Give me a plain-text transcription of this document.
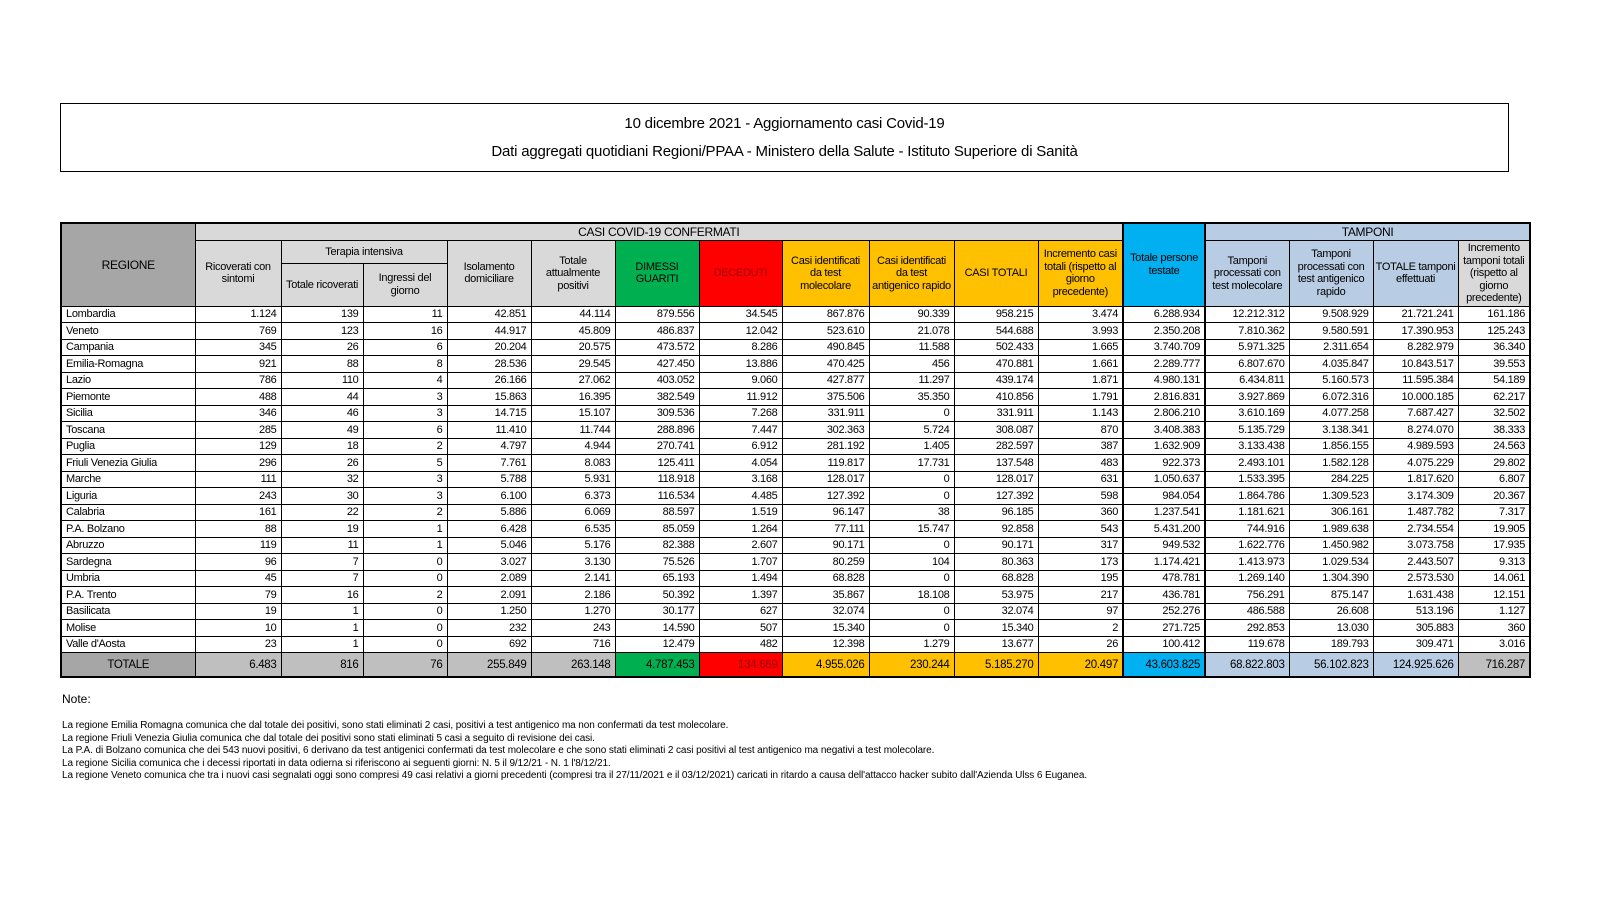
10 dicembre 2021 - Aggiornamento casi Covid-19
Dati aggregati quotidiani Regioni/PPAA - Ministero della Salute - Istituto Superiore di Sanità
REGIONE	CASI COVID-19 CONFERMATI											Totale persone testate	TAMPONI			
	Ricoverati con sintomi	Terapia intensiva		Isolamento domiciliare	Totale attualmente positivi	DIMESSI GUARITI	DECEDUTI	Casi identificati da test molecolare	Casi identificati da test antigenico rapido	CASI TOTALI	Incremento casi totali (rispetto al giorno precedente)		Tamponi processati con test molecolare	Tamponi processati con test antigenico rapido	TOTALE tamponi effettuati	Incremento tamponi totali (rispetto al giorno precedente)
		Totale ricoverati	Ingressi del giorno													
Lombardia	1.124	139	11	42.851	44.114	879.556	34.545	867.876	90.339	958.215	3.474	6.288.934	12.212.312	9.508.929	21.721.241	161.186
Veneto	769	123	16	44.917	45.809	486.837	12.042	523.610	21.078	544.688	3.993	2.350.208	7.810.362	9.580.591	17.390.953	125.243
Campania	345	26	6	20.204	20.575	473.572	8.286	490.845	11.588	502.433	1.665	3.740.709	5.971.325	2.311.654	8.282.979	36.340
Emilia-Romagna	921	88	8	28.536	29.545	427.450	13.886	470.425	456	470.881	1.661	2.289.777	6.807.670	4.035.847	10.843.517	39.553
Lazio	786	110	4	26.166	27.062	403.052	9.060	427.877	11.297	439.174	1.871	4.980.131	6.434.811	5.160.573	11.595.384	54.189
Piemonte	488	44	3	15.863	16.395	382.549	11.912	375.506	35.350	410.856	1.791	2.816.831	3.927.869	6.072.316	10.000.185	62.217
Sicilia	346	46	3	14.715	15.107	309.536	7.268	331.911	0	331.911	1.143	2.806.210	3.610.169	4.077.258	7.687.427	32.502
Toscana	285	49	6	11.410	11.744	288.896	7.447	302.363	5.724	308.087	870	3.408.383	5.135.729	3.138.341	8.274.070	38.333
Puglia	129	18	2	4.797	4.944	270.741	6.912	281.192	1.405	282.597	387	1.632.909	3.133.438	1.856.155	4.989.593	24.563
Friuli Venezia Giulia	296	26	5	7.761	8.083	125.411	4.054	119.817	17.731	137.548	483	922.373	2.493.101	1.582.128	4.075.229	29.802
Marche	111	32	3	5.788	5.931	118.918	3.168	128.017	0	128.017	631	1.050.637	1.533.395	284.225	1.817.620	6.807
Liguria	243	30	3	6.100	6.373	116.534	4.485	127.392	0	127.392	598	984.054	1.864.786	1.309.523	3.174.309	20.367
Calabria	161	22	2	5.886	6.069	88.597	1.519	96.147	38	96.185	360	1.237.541	1.181.621	306.161	1.487.782	7.317
P.A. Bolzano	88	19	1	6.428	6.535	85.059	1.264	77.111	15.747	92.858	543	5.431.200	744.916	1.989.638	2.734.554	19.905
Abruzzo	119	11	1	5.046	5.176	82.388	2.607	90.171	0	90.171	317	949.532	1.622.776	1.450.982	3.073.758	17.935
Sardegna	96	7	0	3.027	3.130	75.526	1.707	80.259	104	80.363	173	1.174.421	1.413.973	1.029.534	2.443.507	9.313
Umbria	45	7	0	2.089	2.141	65.193	1.494	68.828	0	68.828	195	478.781	1.269.140	1.304.390	2.573.530	14.061
P.A. Trento	79	16	2	2.091	2.186	50.392	1.397	35.867	18.108	53.975	217	436.781	756.291	875.147	1.631.438	12.151
Basilicata	19	1	0	1.250	1.270	30.177	627	32.074	0	32.074	97	252.276	486.588	26.608	513.196	1.127
Molise	10	1	0	232	243	14.590	507	15.340	0	15.340	2	271.725	292.853	13.030	305.883	360
Valle d'Aosta	23	1	0	692	716	12.479	482	12.398	1.279	13.677	26	100.412	119.678	189.793	309.471	3.016
TOTALE	6.483	816	76	255.849	263.148	4.787.453	134.669	4.955.026	230.244	5.185.270	20.497	43.603.825	68.822.803	56.102.823	124.925.626	716.287
Note:
La regione Emilia Romagna comunica che dal totale dei positivi, sono stati eliminati 2 casi, positivi a test antigenico ma non confermati da test molecolare.
La regione Friuli Venezia Giulia comunica che dal totale dei positivi sono stati eliminati 5 casi a seguito di revisione dei casi.
La P.A. di Bolzano comunica che dei 543 nuovi positivi, 6 derivano da test antigenici confermati da test molecolare e che sono stati eliminati 2 casi positivi al test antigenico ma negativi a test molecolare.
La regione Sicilia comunica che i decessi riportati in data odierna si riferiscono ai seguenti giorni: N. 5 il 9/12/21 - N. 1 l'8/12/21.
La regione Veneto comunica che tra i nuovi casi segnalati oggi sono compresi 49 casi relativi a giorni precedenti (compresi tra il 27/11/2021 e il 03/12/2021) caricati in ritardo a causa dell'attacco hacker subito dall'Azienda Ulss 6 Euganea.
